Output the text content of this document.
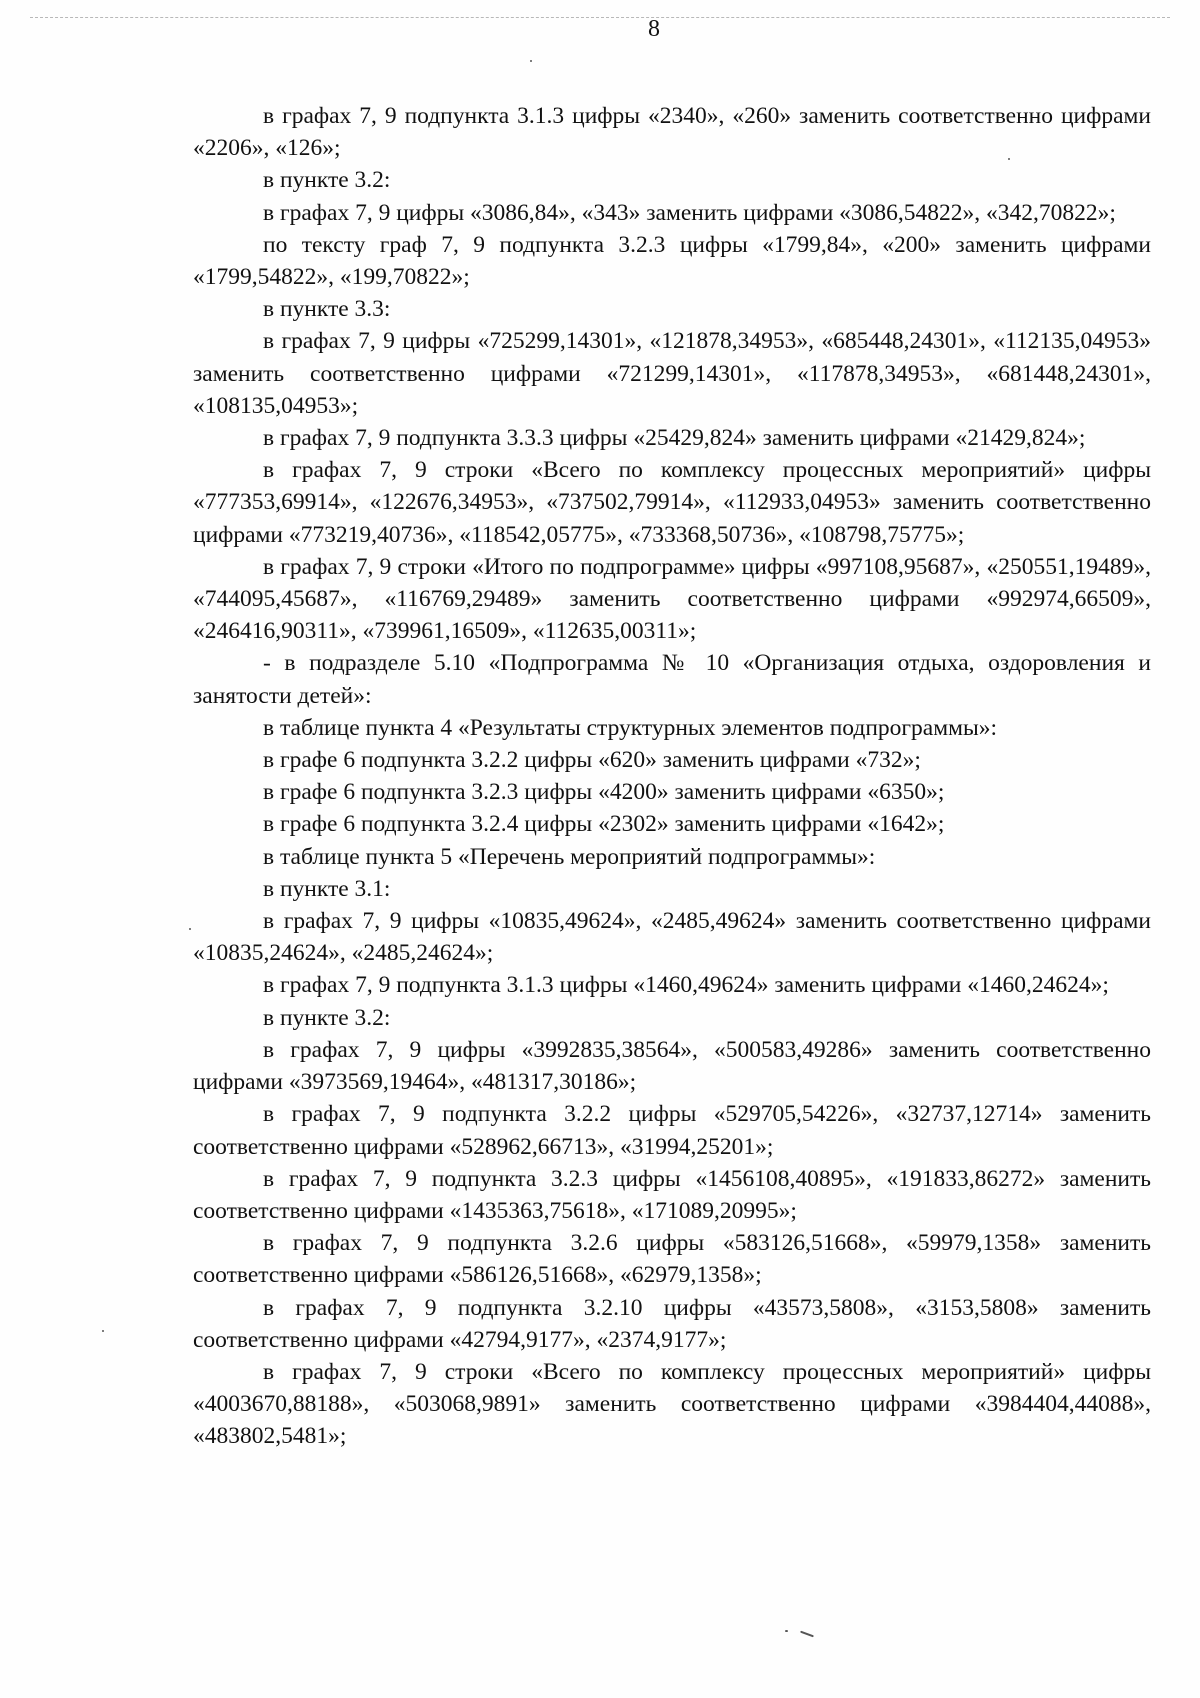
8

в графах 7, 9 подпункта 3.1.3 цифры «2340», «260» заменить соответственно цифрами «2206», «126»;

в пункте 3.2:

в графах 7, 9 цифры «3086,84», «343» заменить цифрами «3086,54822», «342,70822»;

по тексту граф 7, 9 подпункта 3.2.3 цифры «1799,84», «200» заменить цифрами «1799,54822», «199,70822»;

в пункте 3.3:

в графах 7, 9 цифры «725299,14301», «121878,34953», «685448,24301», «112135,04953» заменить соответственно цифрами «721299,14301», «117878,34953», «681448,24301», «108135,04953»;

в графах 7, 9 подпункта 3.3.3 цифры «25429,824» заменить цифрами «21429,824»;

в графах 7, 9 строки «Всего по комплексу процессных мероприятий» цифры «777353,69914», «122676,34953», «737502,79914», «112933,04953» заменить соответственно цифрами «773219,40736», «118542,05775», «733368,50736», «108798,75775»;

в графах 7, 9 строки «Итого по подпрограмме» цифры «997108,95687», «250551,19489», «744095,45687», «116769,29489» заменить соответственно цифрами «992974,66509», «246416,90311», «739961,16509», «112635,00311»;

- в подразделе 5.10 «Подпрограмма № 10 «Организация отдыха, оздоровления и занятости детей»:

в таблице пункта 4 «Результаты структурных элементов подпрограммы»:

в графе 6 подпункта 3.2.2 цифры «620» заменить цифрами «732»;

в графе 6 подпункта 3.2.3 цифры «4200» заменить цифрами «6350»;

в графе 6 подпункта 3.2.4 цифры «2302» заменить цифрами «1642»;

в таблице пункта 5 «Перечень мероприятий подпрограммы»:

в пункте 3.1:

в графах 7, 9 цифры «10835,49624», «2485,49624» заменить соответственно цифрами «10835,24624», «2485,24624»;

в графах 7, 9 подпункта 3.1.3 цифры «1460,49624» заменить цифрами «1460,24624»;

в пункте 3.2:

в графах 7, 9 цифры «3992835,38564», «500583,49286» заменить соответственно цифрами «3973569,19464», «481317,30186»;

в графах 7, 9 подпункта 3.2.2 цифры «529705,54226», «32737,12714» заменить соответственно цифрами «528962,66713», «31994,25201»;

в графах 7, 9 подпункта 3.2.3 цифры «1456108,40895», «191833,86272» заменить соответственно цифрами «1435363,75618», «171089,20995»;

в графах 7, 9 подпункта 3.2.6 цифры «583126,51668», «59979,1358» заменить соответственно цифрами «586126,51668», «62979,1358»;

в графах 7, 9 подпункта 3.2.10 цифры «43573,5808», «3153,5808» заменить соответственно цифрами «42794,9177», «2374,9177»;

в графах 7, 9 строки «Всего по комплексу процессных мероприятий» цифры «4003670,88188», «503068,9891» заменить соответственно цифрами «3984404,44088», «483802,5481»;
